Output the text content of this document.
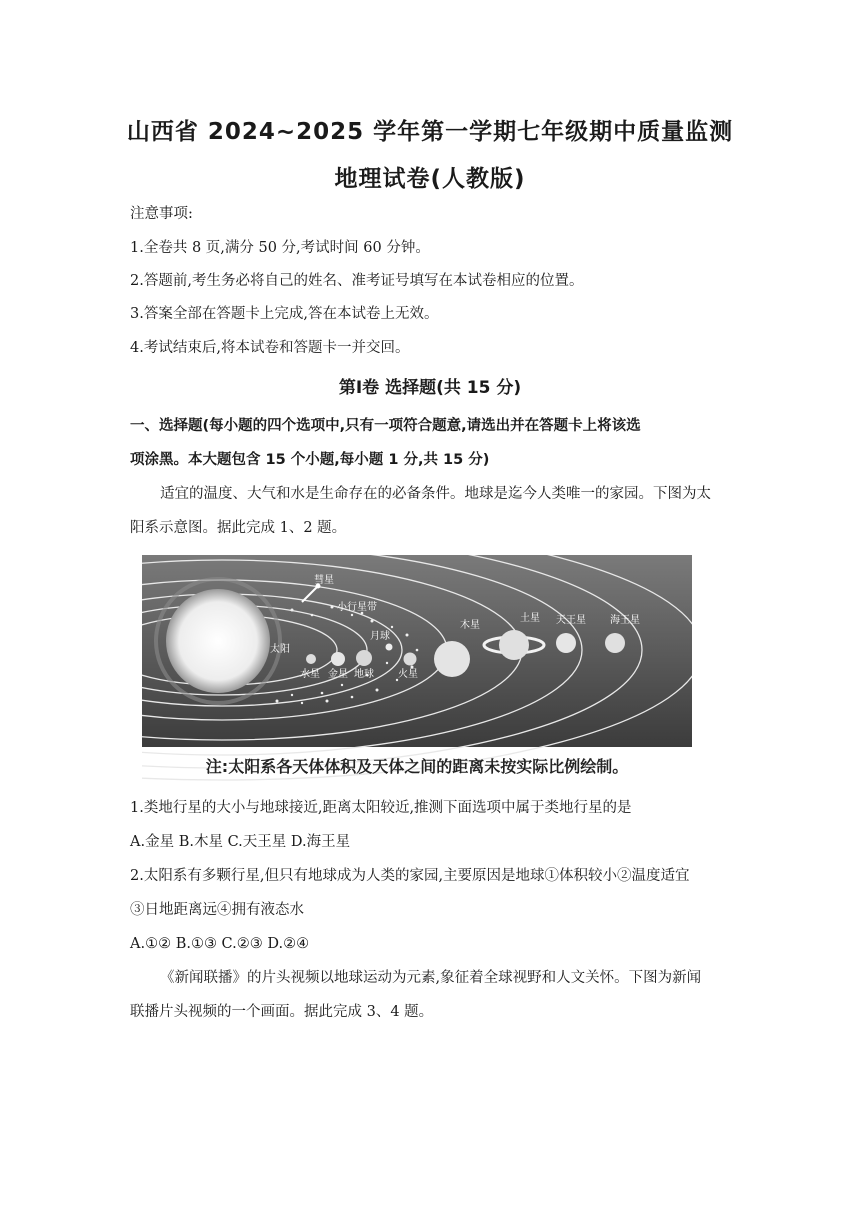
山西省 2024~2025 学年第一学期七年级期中质量监测
地理试卷(人教版)
注意事项:
1.全卷共 8 页,满分 50 分,考试时间 60 分钟。
2.答题前,考生务必将自己的姓名、准考证号填写在本试卷相应的位置。
3.答案全部在答题卡上完成,答在本试卷上无效。
4.考试结束后,将本试卷和答题卡一并交回。
第Ⅰ卷 选择题(共 15 分)
一、选择题(每小题的四个选项中,只有一项符合题意,请选出并在答题卡上将该选
项涂黑。本大题包含 15 个小题,每小题 1 分,共 15 分)
适宜的温度、大气和水是生命存在的必备条件。地球是迄今人类唯一的家园。下图为太
阳系示意图。据此完成 1、2 题。
彗星
小行星带
月球
太阳
水星 金星 地球 火星
木星
土星 天王星 海王星
注:太阳系各天体体积及天体之间的距离未按实际比例绘制。
1.类地行星的大小与地球接近,距离太阳较近,推测下面选项中属于类地行星的是
A.金星 B.木星 C.天王星 D.海王星
2.太阳系有多颗行星,但只有地球成为人类的家园,主要原因是地球①体积较小②温度适宜
③日地距离远④拥有液态水
A.①② B.①③ C.②③ D.②④
《新闻联播》的片头视频以地球运动为元素,象征着全球视野和人文关怀。下图为新闻
联播片头视频的一个画面。据此完成 3、4 题。
